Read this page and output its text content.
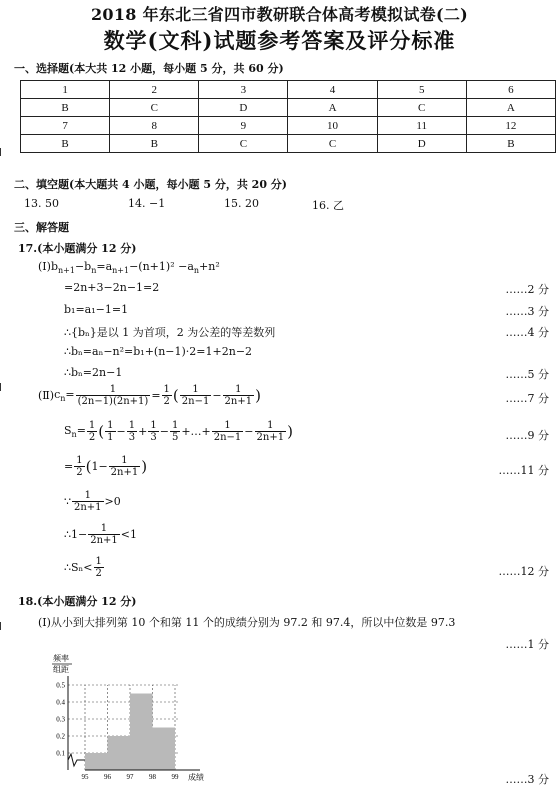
2018 年东北三省四市教研联合体高考模拟试卷(二)
数学(文科)试题参考答案及评分标准
一、选择题(本大共 12 小题，每小题 5 分，共 60 分)
1	2	3	4	5	6
B	C	D	A	C	A
7	8	9	10	11	12
B	B	C	C	D	B
二、填空题(本大题共 4 小题，每小题 5 分，共 20 分)
13. 50	14. −1	15. 20	16. 乙
三、解答题
17.(本小题满分 12 分)
$(Ⅰ)b_{n+1}-b_n=a_{n+1}-(n+1)^2 -a_n+n^2$
=2n+3−2n−1=2	……2 分
b₁=a₁−1=1	……3 分
∴{bₙ}是以 1 为首项，2 为公差的等差数列	……4 分
∴bₙ=aₙ−n²=b₁+(n−1)·2=1+2n−2
∴bₙ=2n−1	……5 分
$(Ⅱ)c_n= \frac{1}{(2n-1)(2n+1)} = \frac{1}{2}$ ( $\frac{1}{2n-1} - \frac{1}{2n+1}$ )	……7 分
$S_n= \frac{1}{2}$ ( $\frac{1}{1} - \frac{1}{3} + \frac{1}{3} - \frac{1}{5}$ +…+ $\frac{1}{2n-1} - \frac{1}{2n+1}$ )	……9 分
= $\frac{1}{2} (1- \frac{1}{2n+1}$ )	……11 分
∵ $\frac{1}{2n+1} >0$
∴1− $\frac{1}{2n+1} <1$
∴Sₙ< $\frac{1}{2}$	……12 分
18.(本小题满分 12 分)
(Ⅰ)从小到大排列第 10 个和第 11 个的成绩分别为 97.2 和 97.4，所以中位数是 97.3
……1 分
频率
组距
成绩
0.1
0.2
0.3
0.4
0.5
95 96 97 98 99	……3 分
